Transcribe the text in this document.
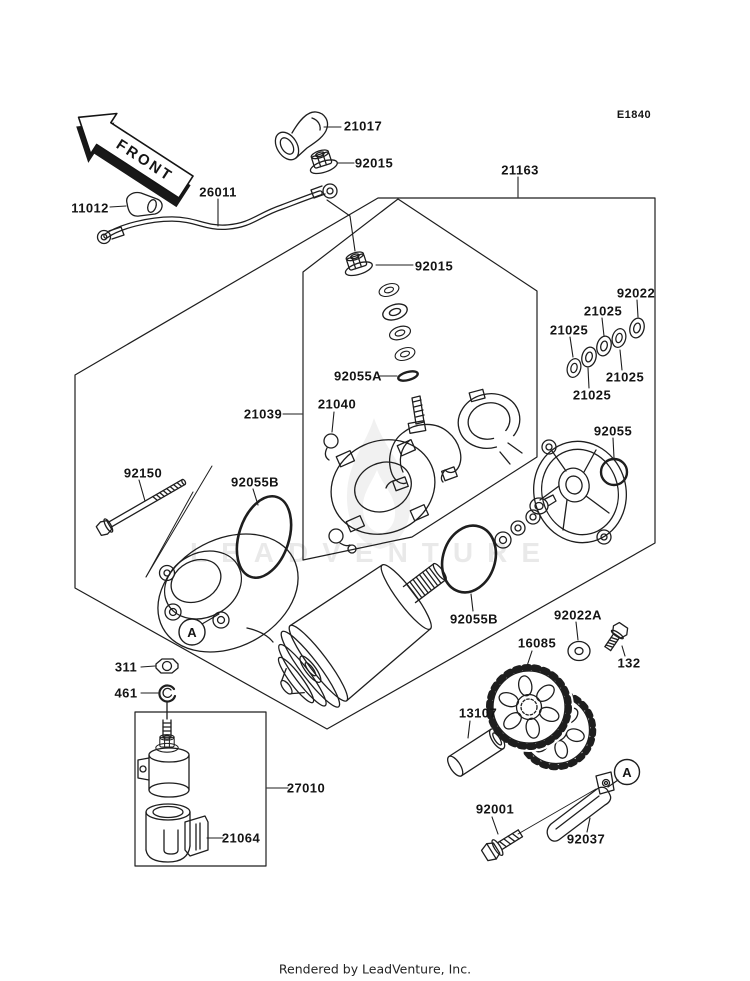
FRONT
A
A
E1840
21017
92015	21163
26011
11012
92015
92022
21025
21025
21025
21025
92055A
21039
21040
92055
92150
92055B
92055B	92022A
16085
132
311
461
13107
27010
21064
92001
92037
LEADVENTURE
Rendered by LeadVenture, Inc.
